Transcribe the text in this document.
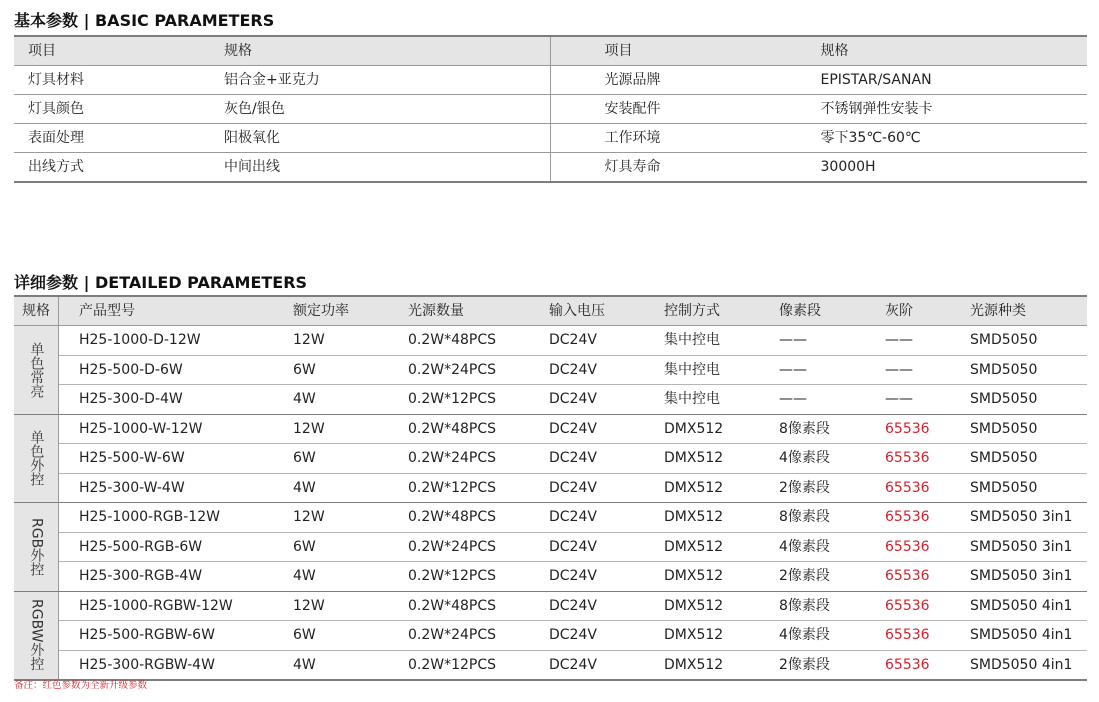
基本参数 | BASIC PARAMETERS
项目	规格	项目	规格
灯具材料	铝合金+亚克力	光源品牌	EPISTAR/SANAN
灯具颜色	灰色/银色	安装配件	不锈钢弹性安装卡
表面处理	阳极氧化	工作环境	零下35℃-60℃
出线方式	中间出线	灯具寿命	30000H
详细参数 | DETAILED PARAMETERS
规格	产品型号	额定功率	光源数量	输入电压	控制方式	像素段	灰阶	光源种类
单色常亮
H25-1000-D-12W	12W	0.2W*48PCS	DC24V	集中控电	——	——	SMD5050
H25-500-D-6W	6W	0.2W*24PCS	DC24V	集中控电	——	——	SMD5050
H25-300-D-4W	4W	0.2W*12PCS	DC24V	集中控电	——	——	SMD5050
单色外控
H25-1000-W-12W	12W	0.2W*48PCS	DC24V	DMX512	8像素段	65536	SMD5050
H25-500-W-6W	6W	0.2W*24PCS	DC24V	DMX512	4像素段	65536	SMD5050
H25-300-W-4W	4W	0.2W*12PCS	DC24V	DMX512	2像素段	65536	SMD5050
RGB外控
H25-1000-RGB-12W	12W	0.2W*48PCS	DC24V	DMX512	8像素段	65536	SMD5050 3in1
H25-500-RGB-6W	6W	0.2W*24PCS	DC24V	DMX512	4像素段	65536	SMD5050 3in1
H25-300-RGB-4W	4W	0.2W*12PCS	DC24V	DMX512	2像素段	65536	SMD5050 3in1
RGBW外控	H25-1000-RGBW-12W	12W	0.2W*48PCS	DC24V	DMX512	8像素段	65536	SMD5050 4in1
H25-500-RGBW-6W	6W	0.2W*24PCS	DC24V	DMX512	4像素段	65536	SMD5050 4in1
H25-300-RGBW-4W	4W	0.2W*12PCS	DC24V	DMX512	2像素段	65536	SMD5050 4in1
备注：红色参数为全新升级参数
